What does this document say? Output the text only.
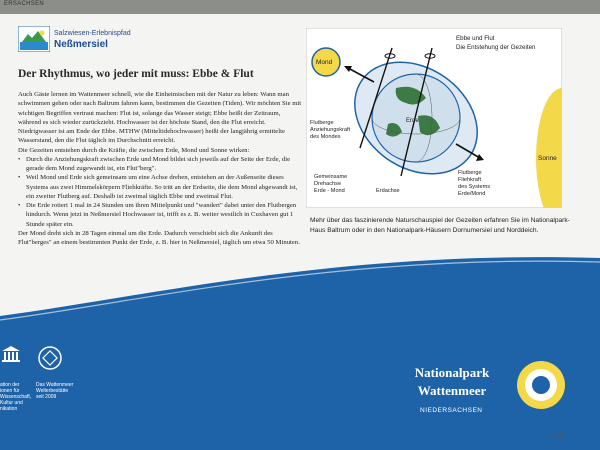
ERSACHSEN
Salzwiesen-Erlebnispfad
Neßmersiel
Der Rhythmus, wo jeder mit muss: Ebbe & Flut

Auch Gäste lernen im Wattenmeer schnell, wie die Einheimischen mit der Natur zu leben: Wann man schwimmen gehen oder nach Baltrum fahren kann, bestimmen die Gezeiten (Tiden). Wir möchten Sie mit wichtigen Begriffen vertraut machen: Flut ist, solange das Wasser steigt; Ebbe heißt der Zeitraum, während es sich wieder zurückzieht. Hochwasser ist der höchste Stand, den die Flut erreicht. Niedrigwasser ist am Ende der Ebbe. MTHW (Mitteltidehochwasser) heißt der langjährig ermittelte Wasserstand, den die Flut täglich im Durchschnitt erreicht.

Die Gezeiten entstehen durch die Kräfte, die zwischen Erde, Mond und Sonne wirken:

• Durch die Anziehungskraft zwischen Erde und Mond bildet sich jeweils auf der Seite der Erde, die gerade dem Mond zugewandt ist, ein Flut"berg".
• Weil Mond und Erde sich gemeinsam um eine Achse drehen, entstehen an der Außenseite dieses Systems aus zwei Himmelskörpern Fliehkräfte. So tritt an der Erdseite, die dem Mond abgewandt ist, ein zweiter Flutberg auf. Deshalb ist zweimal täglich Ebbe und zweimal Flut.
• Die Erde rotiert 1 mal in 24 Stunden um ihren Mittelpunkt und "wandert" dabei unter den Flutbergen hindurch. Wenn jetzt in Neßmersiel Hochwasser ist, trifft es z. B. weiter westlich in Cuxhaven gut 1 Stunde später ein.

Der Mond dreht sich in 28 Tagen einmal um die Erde. Dadurch verschiebt sich die Ankunft des Flut"berges" an einem bestimmten Punkt der Erde, z. B. hier in Neßmersiel, täglich um etwa 50 Minuten.

Sonne
Mond
Erde
Ebbe und Flut
Die Entstehung der Gezeiten
Flutberge
Anziehungskraft
des Mondes
Flutberge
Fliehkraft
des Systems
Erde/Mond
Gemeinsame
Drehachse
Erde - Mond	Erdachse
Mehr über das faszinierende Naturschauspiel der Gezeiten erfahren Sie im Nationalpark-Haus Baltrum oder in den Nationalpark-Häusern Dornumersiel und Norddeich.
ation der
ionen für
Wissenschaft,
Kultur und
nikation
Das Wattenmeer
Welterbestätte
seit 2009
Nationalpark
Wattenmeer
NIEDERSACHSEN
SWN7
